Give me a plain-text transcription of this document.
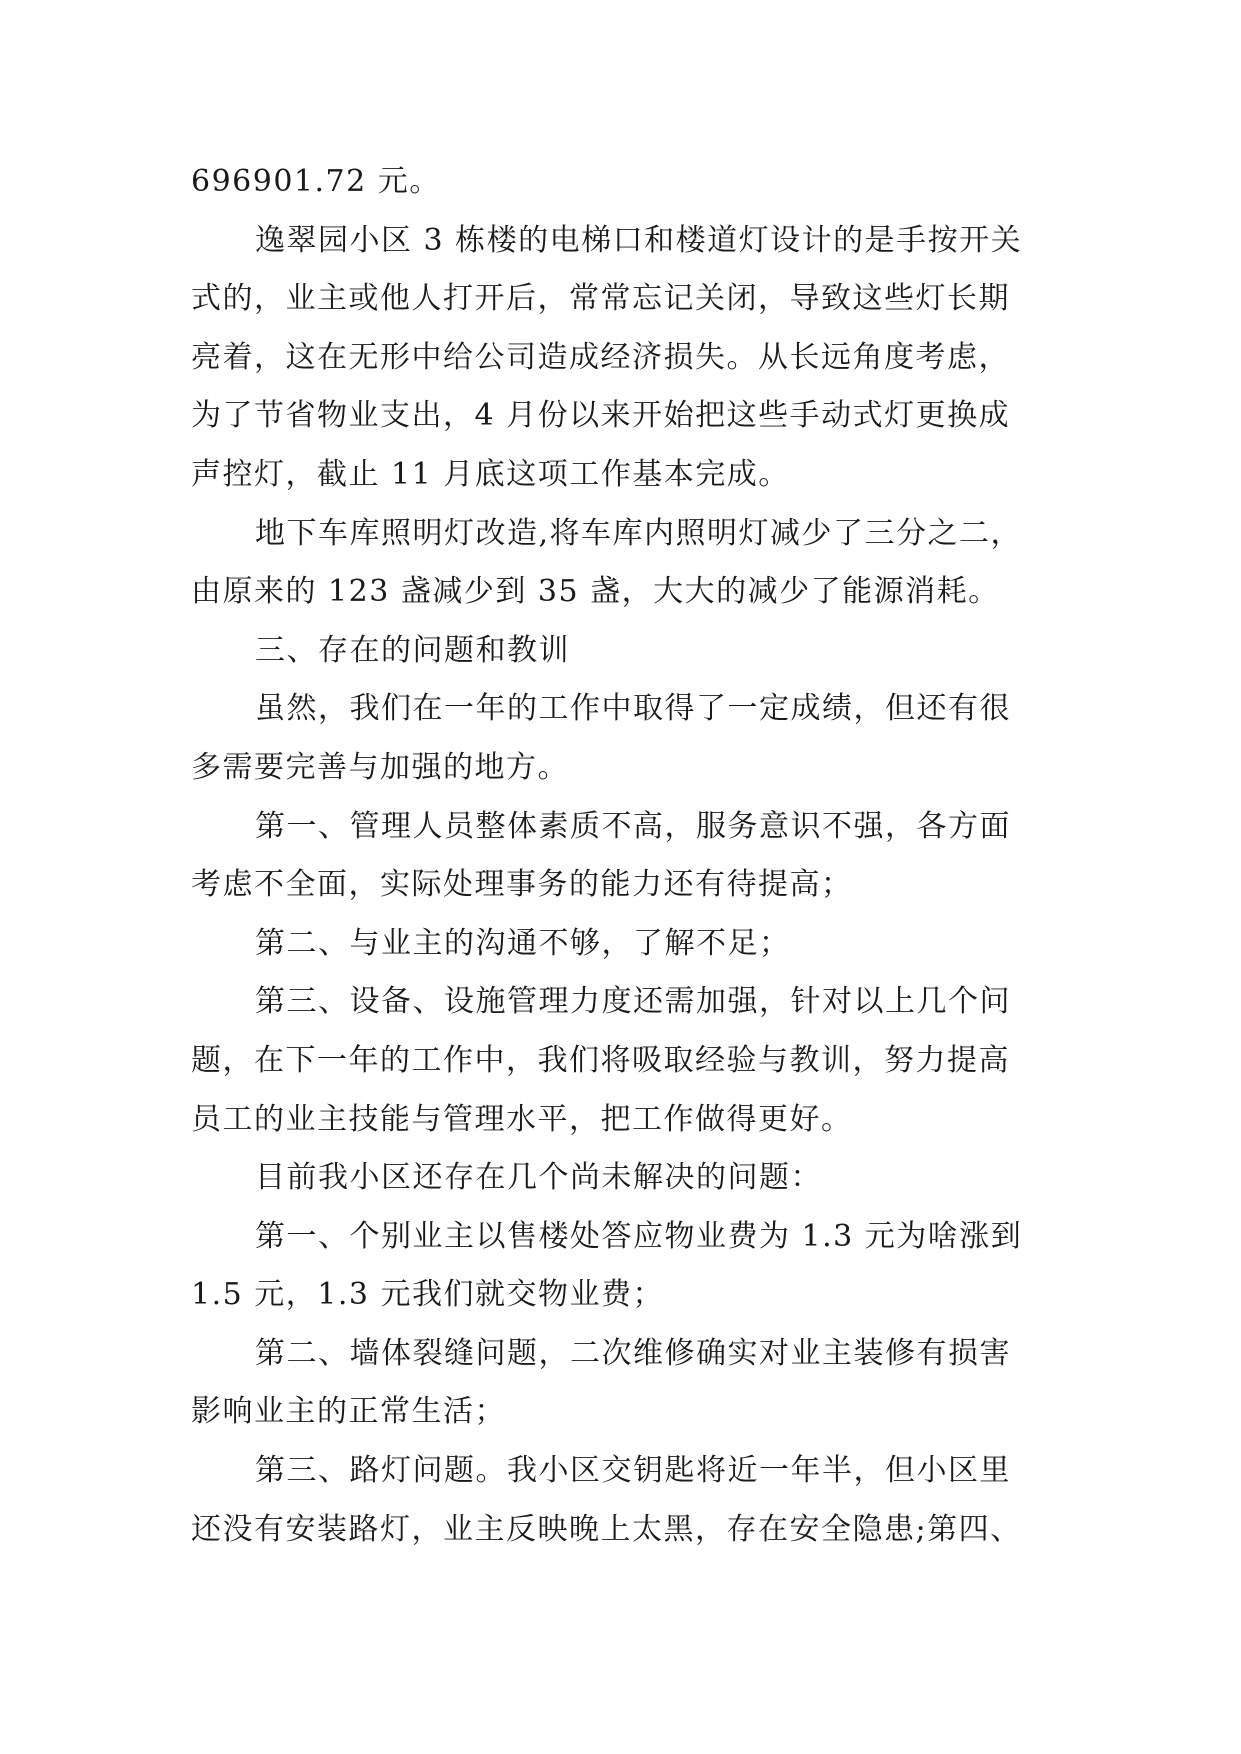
696901.72 元。
逸翠园小区 3 栋楼的电梯口和楼道灯设计的是手按开关
式的，业主或他人打开后，常常忘记关闭，导致这些灯长期
亮着，这在无形中给公司造成经济损失。从长远角度考虑，
为了节省物业支出，4 月份以来开始把这些手动式灯更换成
声控灯，截止 11 月底这项工作基本完成。
地下车库照明灯改造,将车库内照明灯减少了三分之二，
由原来的 123 盏减少到 35 盏，大大的减少了能源消耗。
三、存在的问题和教训
虽然，我们在一年的工作中取得了一定成绩，但还有很
多需要完善与加强的地方。
第一、管理人员整体素质不高，服务意识不强，各方面
考虑不全面，实际处理事务的能力还有待提高；
第二、与业主的沟通不够，了解不足；
第三、设备、设施管理力度还需加强，针对以上几个问
题，在下一年的工作中，我们将吸取经验与教训，努力提高
员工的业主技能与管理水平，把工作做得更好。
目前我小区还存在几个尚未解决的问题：
第一、个别业主以售楼处答应物业费为 1.3 元为啥涨到
1.5 元，1.3 元我们就交物业费；
第二、墙体裂缝问题，二次维修确实对业主装修有损害
影响业主的正常生活；
第三、路灯问题。我小区交钥匙将近一年半，但小区里
还没有安装路灯，业主反映晚上太黑，存在安全隐患;第四、
